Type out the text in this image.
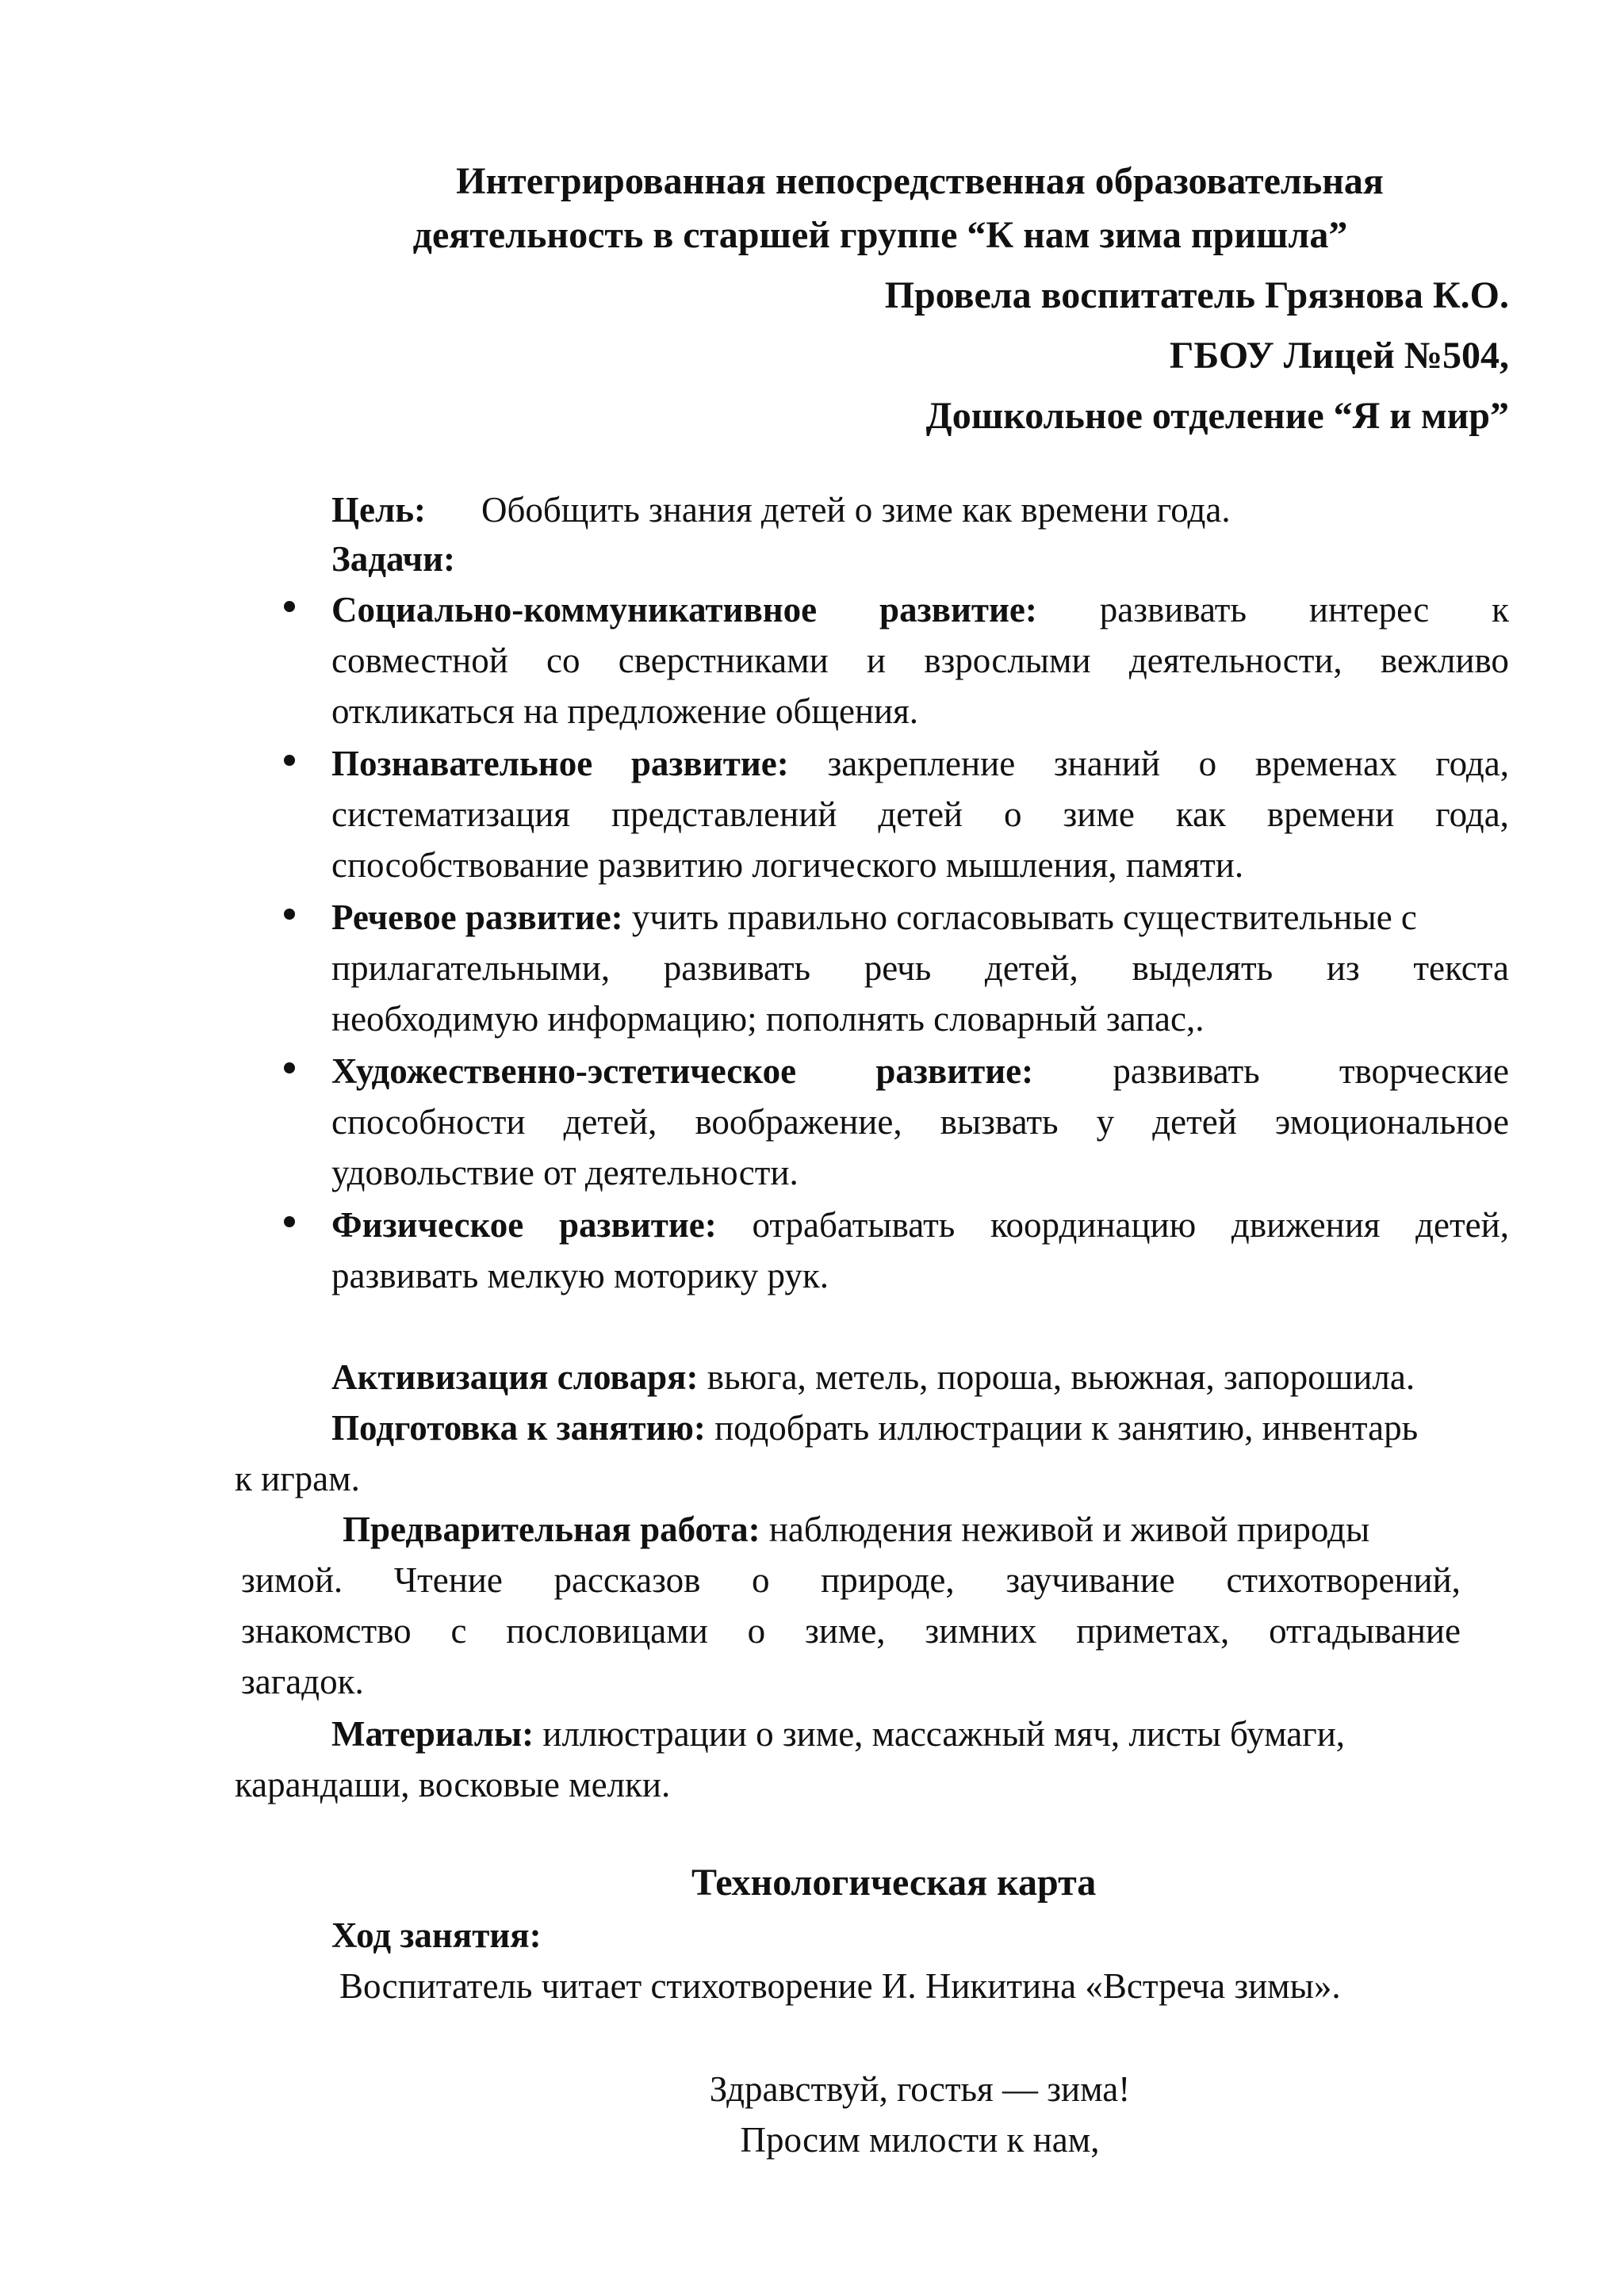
Интегрированная непосредственная образовательная
деятельность в старшей группе “К нам зима пришла”
Провела воспитатель Грязнова К.О.
ГБОУ Лицей №504,
Дошкольное отделение “Я и мир”
Цель: Обобщить знания детей о зиме как времени года.
Задачи:
Социально-коммуникативное развитие: развивать интерес к
совместной со сверстниками и взрослыми деятельности, вежливо
откликаться на предложение общения.
Познавательное развитие: закрепление знаний о временах года,
систематизация представлений детей о зиме как времени года,
способствование развитию логического мышления, памяти.
Речевое развитие: учить правильно согласовывать существительные с
прилагательными, развивать речь детей, выделять из текста
необходимую информацию; пополнять словарный запас,.
Художественно-эстетическое развитие: развивать творческие
способности детей, воображение, вызвать у детей эмоциональное
удовольствие от деятельности.
Физическое развитие: отрабатывать координацию движения детей,
развивать мелкую моторику рук.
Активизация словаря: вьюга, метель, пороша, вьюжная, запорошила.
Подготовка к занятию: подобрать иллюстрации к занятию, инвентарь
к играм.
Предварительная работа: наблюдения неживой и живой природы
зимой. Чтение рассказов о природе, заучивание стихотворений,
знакомство с пословицами о зиме, зимних приметах, отгадывание
загадок.
Материалы: иллюстрации о зиме, массажный мяч, листы бумаги,
карандаши, восковые мелки.
Технологическая карта
Ход занятия:
Воспитатель читает стихотворение И. Никитина «Встреча зимы».
Здравствуй, гостья — зима!
Просим милости к нам,
